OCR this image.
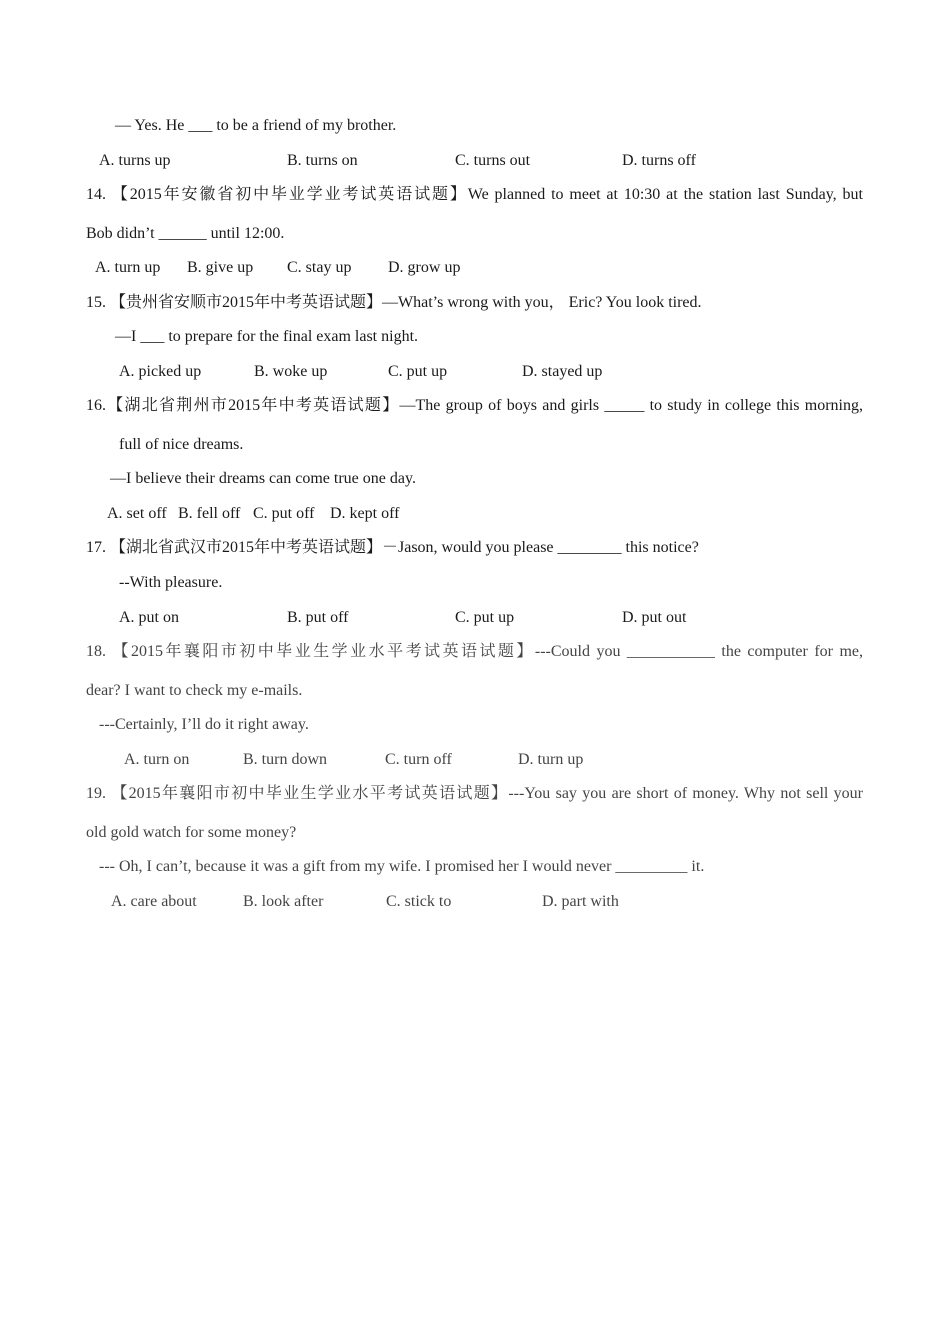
— Yes. He ___ to be a friend of my brother.
A. turns up	B. turns on	C. turns out	D. turns off
14. 【2015年安徽省初中毕业学业考试英语试题】We planned to meet at 10:30 at the station last Sunday, but
Bob didn’t ______ until 12:00.
A. turn up B. give up C. stay up D. grow up
15. 【贵州省安顺市2015年中考英语试题】—What’s wrong with you， Eric? You look tired.
—I ___ to prepare for the final exam last night.
A. picked up	B. woke up	C. put up	D. stayed up
16.【湖北省荆州市2015年中考英语试题】—The group of boys and girls _____ to study in college this morning,
full of nice dreams.
—I believe their dreams can come true one day.
A. set off B. fell off C. put off D. kept off
17. 【湖北省武汉市2015年中考英语试题】－Jason, would you please ________ this notice?
--With pleasure.
A. put on	B. put off	C. put up	D. put out
18. 【2015年襄阳市初中毕业生学业水平考试英语试题】---Could you ___________ the computer for me,
dear? I want to check my e-mails.
---Certainly, I’ll do it right away.
A. turn on	B. turn down	C. turn off	D. turn up
19. 【2015年襄阳市初中毕业生学业水平考试英语试题】---You say you are short of money. Why not sell your
old gold watch for some money?
--- Oh, I can’t, because it was a gift from my wife. I promised her I would never _________ it.
A. care about	B. look after	C. stick to	D. part with
